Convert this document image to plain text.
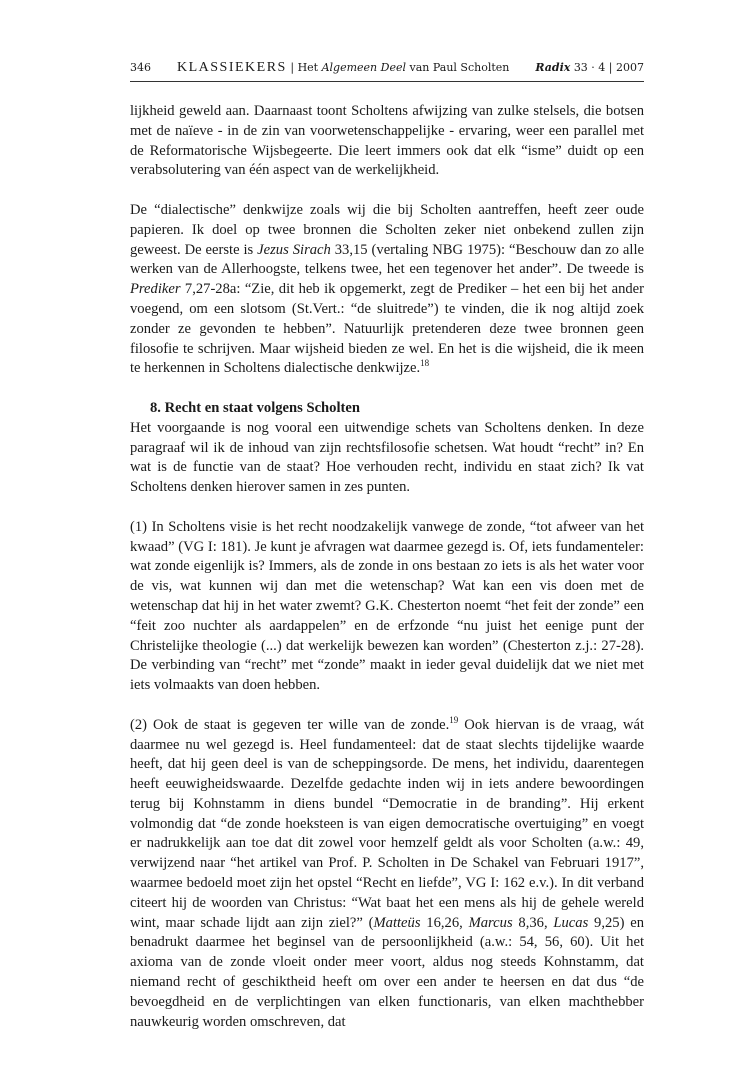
346	KLASSIEKERS | Het Algemeen Deel van Paul Scholten	Radix 33 · 4 | 2007

lijkheid geweld aan. Daarnaast toont Scholtens afwijzing van zulke stelsels, die botsen met de naïeve - in de zin van voorwetenschappelijke - ervaring, weer een parallel met de Reformatorische Wijsbegeerte. Die leert immers ook dat elk “isme” duidt op een verabsolutering van één aspect van de werkelijkheid.

De “dialectische” denkwijze zoals wij die bij Scholten aantreffen, heeft zeer oude papieren. Ik doel op twee bronnen die Scholten zeker niet onbekend zullen zijn geweest. De eerste is Jezus Sirach 33,15 (vertaling NBG 1975): “Beschouw dan zo alle werken van de Allerhoogste, telkens twee, het een tegenover het ander”. De tweede is Prediker 7,27-28a: “Zie, dit heb ik opgemerkt, zegt de Prediker – het een bij het ander voegend, om een slotsom (St.Vert.: “de sluitrede”) te vinden, die ik nog altijd zoek zonder ze gevonden te hebben”. Natuurlijk pretenderen deze twee bronnen geen filosofie te schrijven. Maar wijsheid bieden ze wel. En het is die wijsheid, die ik meen te herkennen in Scholtens dialectische denkwijze.$^{18}$

8. Recht en staat volgens Scholten

Het voorgaande is nog vooral een uitwendige schets van Scholtens denken. In deze paragraaf wil ik de inhoud van zijn rechtsfilosofie schetsen. Wat houdt “recht” in? En wat is de functie van de staat? Hoe verhouden recht, individu en staat zich? Ik vat Scholtens denken hierover samen in zes punten.

(1) In Scholtens visie is het recht noodzakelijk vanwege de zonde, “tot afweer van het kwaad” (VG I: 181). Je kunt je afvragen wat daarmee gezegd is. Of, iets fundamenteler: wat zonde eigenlijk is? Immers, als de zonde in ons bestaan zo iets is als het water voor de vis, wat kunnen wij dan met die wetenschap? Wat kan een vis doen met de wetenschap dat hij in het water zwemt? G.K. Chesterton noemt “het feit der zonde” een “feit zoo nuchter als aardappelen” en de erfzonde “nu juist het eenige punt der Christelijke theologie (...) dat werkelijk bewezen kan worden” (Chesterton z.j.: 27-28). De verbinding van “recht” met “zonde” maakt in ieder geval duidelijk dat we niet met iets volmaakts van doen hebben.

(2) Ook de staat is gegeven ter wille van de zonde.$^{19}$ Ook hiervan is de vraag, wát daarmee nu wel gezegd is. Heel fundamenteel: dat de staat slechts tijdelijke waarde heeft, dat hij geen deel is van de scheppingsorde. De mens, het individu, daarentegen heeft eeuwigheidswaarde. Dezelfde gedachte inden wij in iets andere bewoordingen terug bij Kohnstamm in diens bundel “Democratie in de branding”. Hij erkent volmondig dat “de zonde hoeksteen is van eigen democratische overtuiging” en voegt er nadrukkelijk aan toe dat dit zowel voor hemzelf geldt als voor Scholten (a.w.: 49, verwijzend naar “het artikel van Prof. P. Scholten in De Schakel van Februari 1917”, waarmee bedoeld moet zijn het opstel “Recht en liefde”, VG I: 162 e.v.). In dit verband citeert hij de woorden van Christus: “Wat baat het een mens als hij de gehele wereld wint, maar schade lijdt aan zijn ziel?” (Matteüs 16,26, Marcus 8,36, Lucas 9,25) en benadrukt daarmee het beginsel van de persoonlijkheid (a.w.: 54, 56, 60). Uit het axioma van de zonde vloeit onder meer voort, aldus nog steeds Kohnstamm, dat niemand recht of geschiktheid heeft om over een ander te heersen en dat dus “de bevoegdheid en de verplichtingen van elken functionaris, van elken machthebber nauwkeurig worden omschreven, dat
